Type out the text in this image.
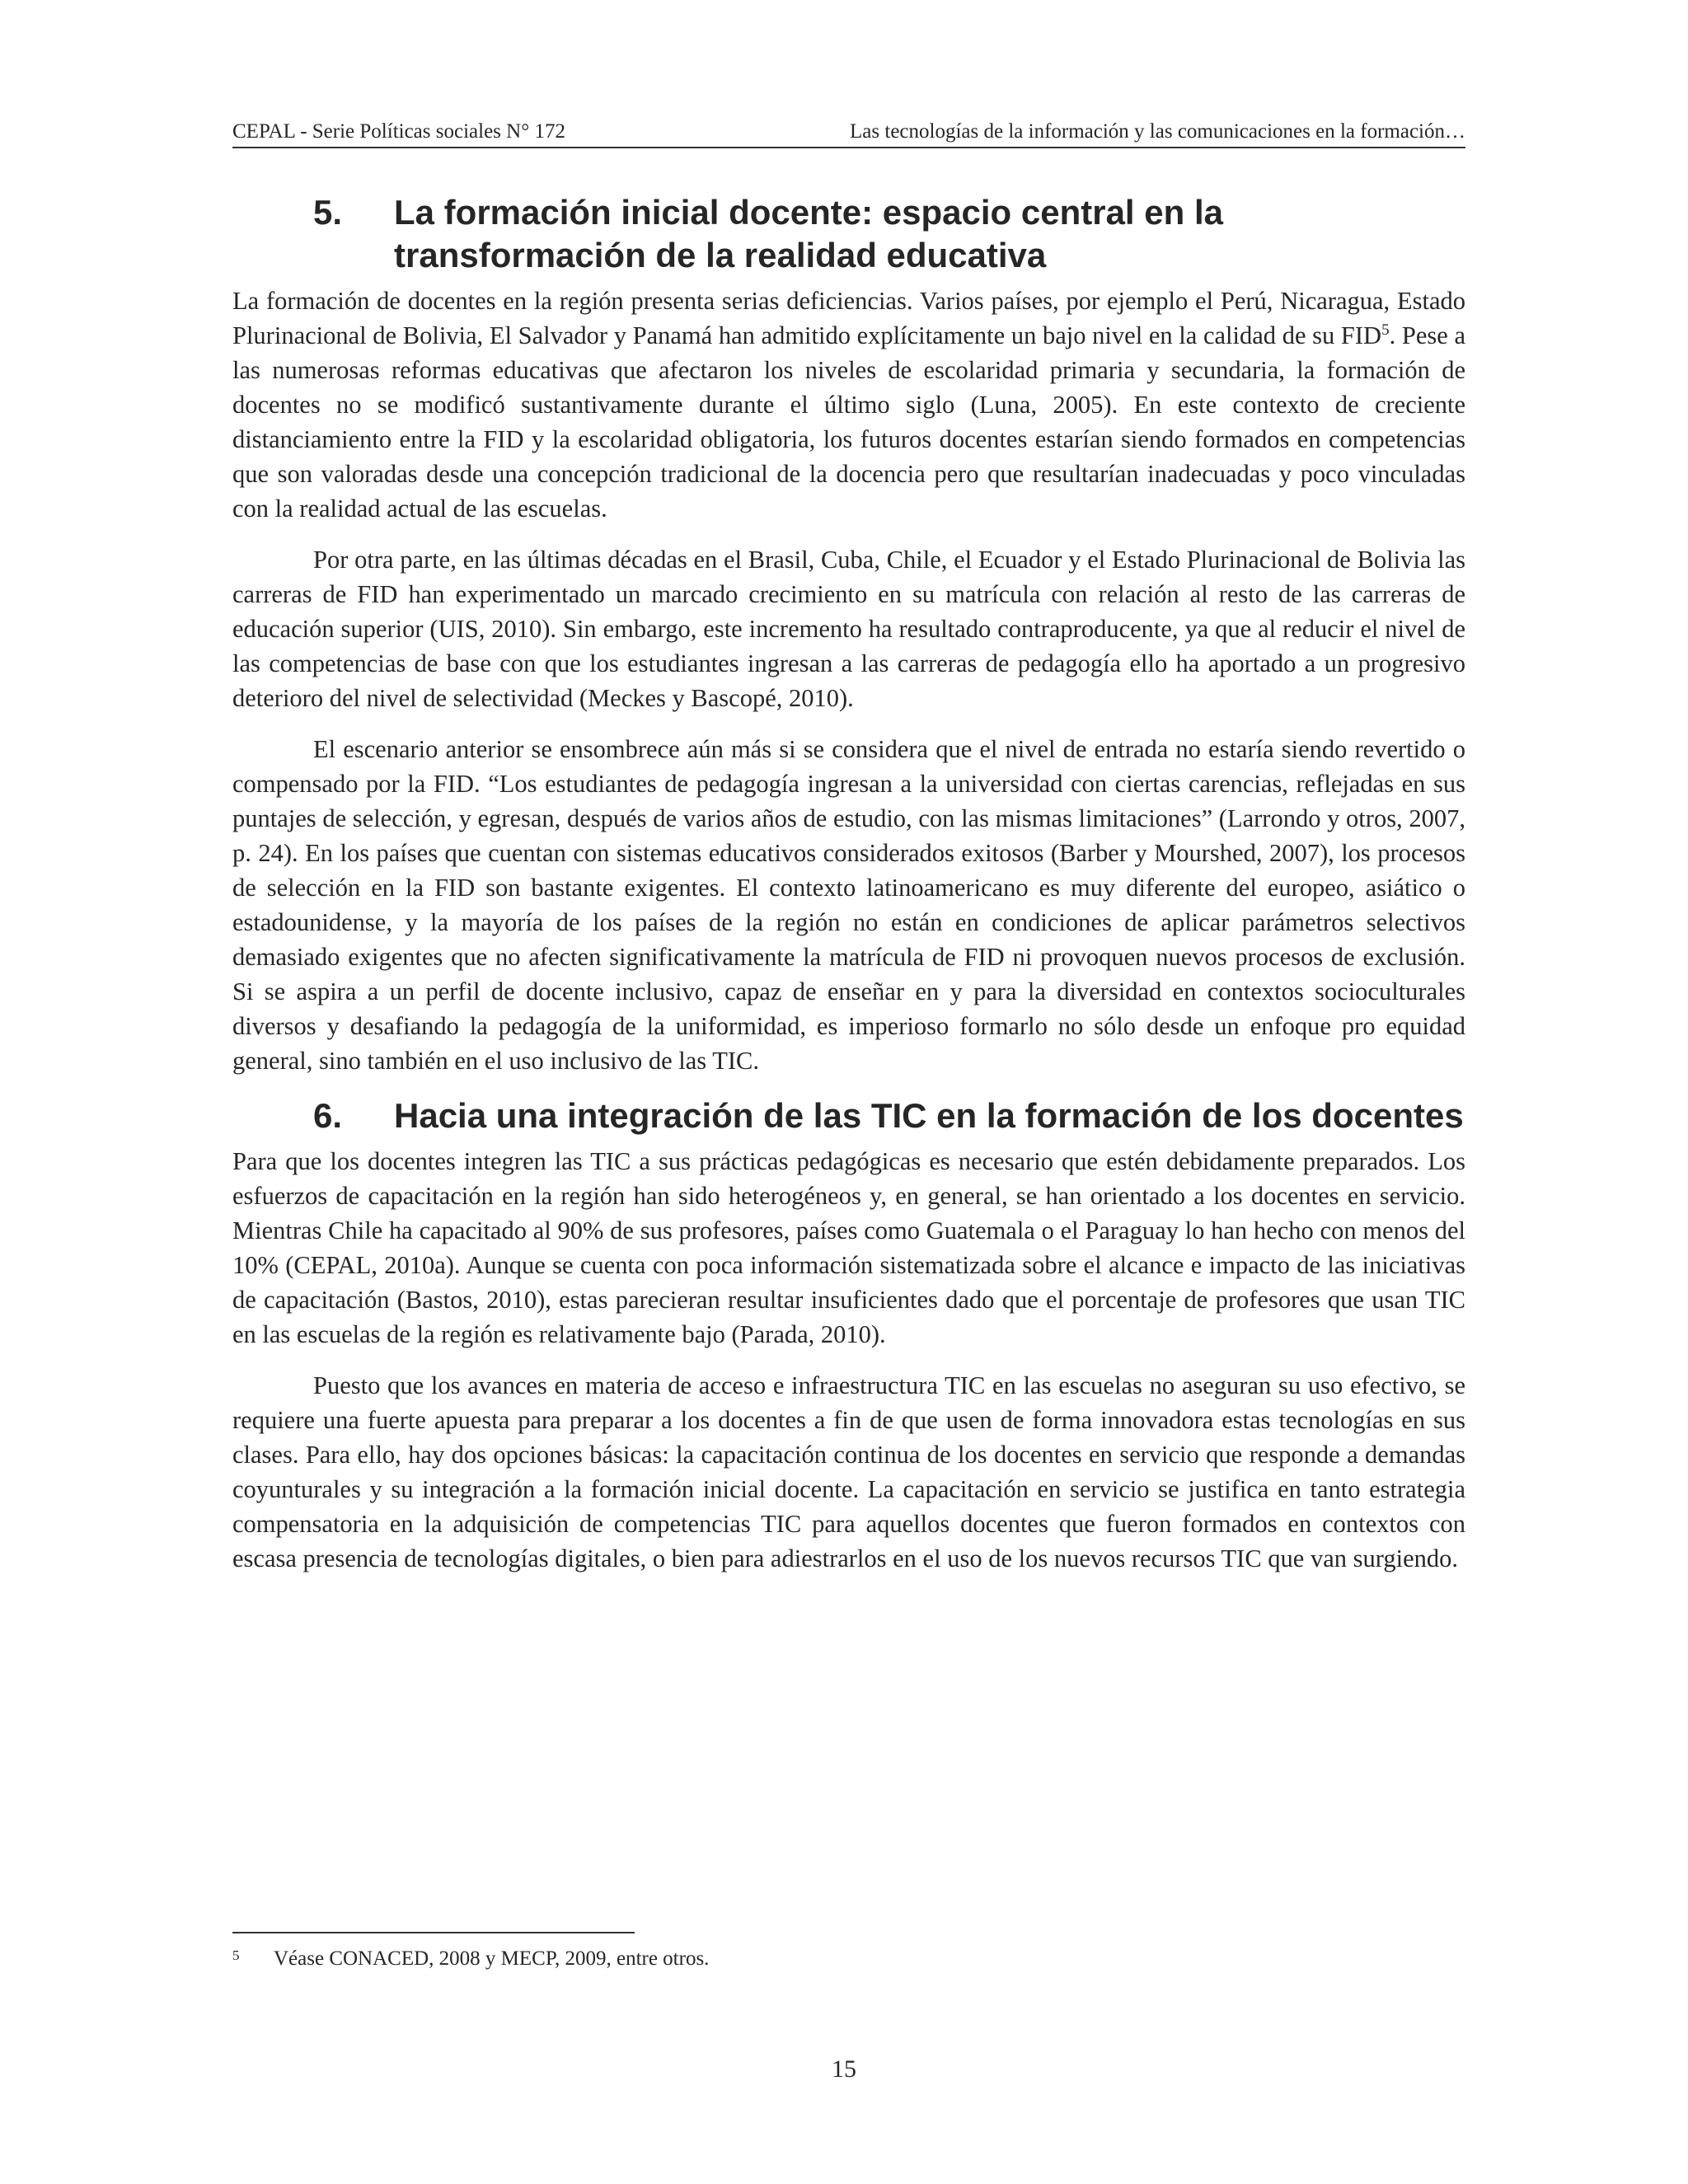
CEPAL - Serie Políticas sociales N° 172	Las tecnologías de la información y las comunicaciones en la formación…
5. La formación inicial docente: espacio central en la transformación de la realidad educativa

La formación de docentes en la región presenta serias deficiencias. Varios países, por ejemplo el Perú, Nicaragua, Estado Plurinacional de Bolivia, El Salvador y Panamá han admitido explícitamente un bajo nivel en la calidad de su FID$^5$. Pese a las numerosas reformas educativas que afectaron los niveles de escolaridad primaria y secundaria, la formación de docentes no se modificó sustantivamente durante el último siglo (Luna, 2005). En este contexto de creciente distanciamiento entre la FID y la escolaridad obligatoria, los futuros docentes estarían siendo formados en competencias que son valoradas desde una concepción tradicional de la docencia pero que resultarían inadecuadas y poco vinculadas con la realidad actual de las escuelas.

Por otra parte, en las últimas décadas en el Brasil, Cuba, Chile, el Ecuador y el Estado Plurinacional de Bolivia las carreras de FID han experimentado un marcado crecimiento en su matrícula con relación al resto de las carreras de educación superior (UIS, 2010). Sin embargo, este incremento ha resultado contraproducente, ya que al reducir el nivel de las competencias de base con que los estudiantes ingresan a las carreras de pedagogía ello ha aportado a un progresivo deterioro del nivel de selectividad (Meckes y Bascopé, 2010).

El escenario anterior se ensombrece aún más si se considera que el nivel de entrada no estaría siendo revertido o compensado por la FID. “Los estudiantes de pedagogía ingresan a la universidad con ciertas carencias, reflejadas en sus puntajes de selección, y egresan, después de varios años de estudio, con las mismas limitaciones” (Larrondo y otros, 2007, p. 24). En los países que cuentan con sistemas educativos considerados exitosos (Barber y Mourshed, 2007), los procesos de selección en la FID son bastante exigentes. El contexto latinoamericano es muy diferente del europeo, asiático o estadounidense, y la mayoría de los países de la región no están en condiciones de aplicar parámetros selectivos demasiado exigentes que no afecten significativamente la matrícula de FID ni provoquen nuevos procesos de exclusión. Si se aspira a un perfil de docente inclusivo, capaz de enseñar en y para la diversidad en contextos socioculturales diversos y desafiando la pedagogía de la uniformidad, es imperioso formarlo no sólo desde un enfoque pro equidad general, sino también en el uso inclusivo de las TIC.

6. Hacia una integración de las TIC en la formación de los docentes

Para que los docentes integren las TIC a sus prácticas pedagógicas es necesario que estén debidamente preparados. Los esfuerzos de capacitación en la región han sido heterogéneos y, en general, se han orientado a los docentes en servicio. Mientras Chile ha capacitado al 90% de sus profesores, países como Guatemala o el Paraguay lo han hecho con menos del 10% (CEPAL, 2010a). Aunque se cuenta con poca información sistematizada sobre el alcance e impacto de las iniciativas de capacitación (Bastos, 2010), estas parecieran resultar insuficientes dado que el porcentaje de profesores que usan TIC en las escuelas de la región es relativamente bajo (Parada, 2010).

Puesto que los avances en materia de acceso e infraestructura TIC en las escuelas no aseguran su uso efectivo, se requiere una fuerte apuesta para preparar a los docentes a fin de que usen de forma innovadora estas tecnologías en sus clases. Para ello, hay dos opciones básicas: la capacitación continua de los docentes en servicio que responde a demandas coyunturales y su integración a la formación inicial docente. La capacitación en servicio se justifica en tanto estrategia compensatoria en la adquisición de competencias TIC para aquellos docentes que fueron formados en contextos con escasa presencia de tecnologías digitales, o bien para adiestrarlos en el uso de los nuevos recursos TIC que van surgiendo.

5 Véase CONACED, 2008 y MECP, 2009, entre otros.
15
